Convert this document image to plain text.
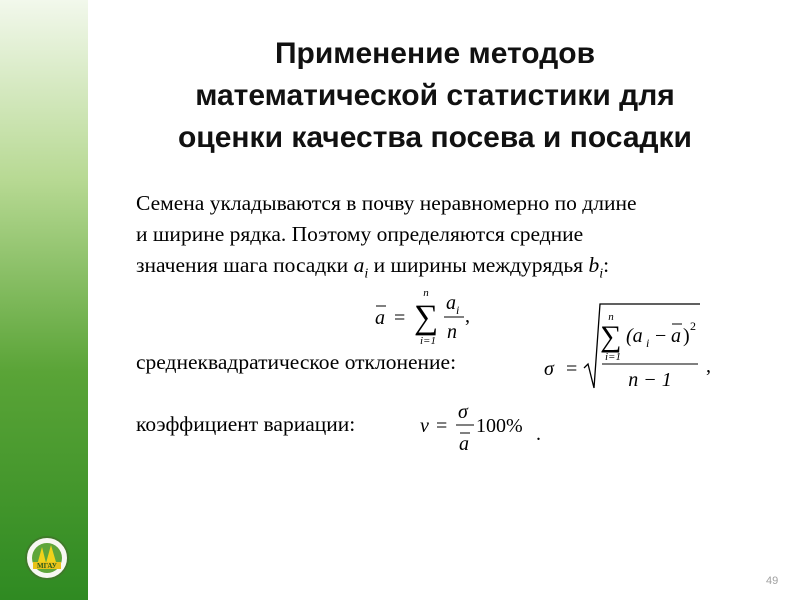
МГАУ
Применение методов
математической статистики для
оценки качества посева и посадки
Семена укладываются в почву неравномерно по длине
и ширине рядка. Поэтому определяются средние
значения шага посадки $a_i$ и ширины междурядья $b_i$:
a = ∑
n
i=1
a i
n
,
среднеквадратическое отклонение:	σ =
∑
n
i=1
(a i − a ) 2
n − 1
,
коэффициент вариации:	v =
σ
a
100% .
49
